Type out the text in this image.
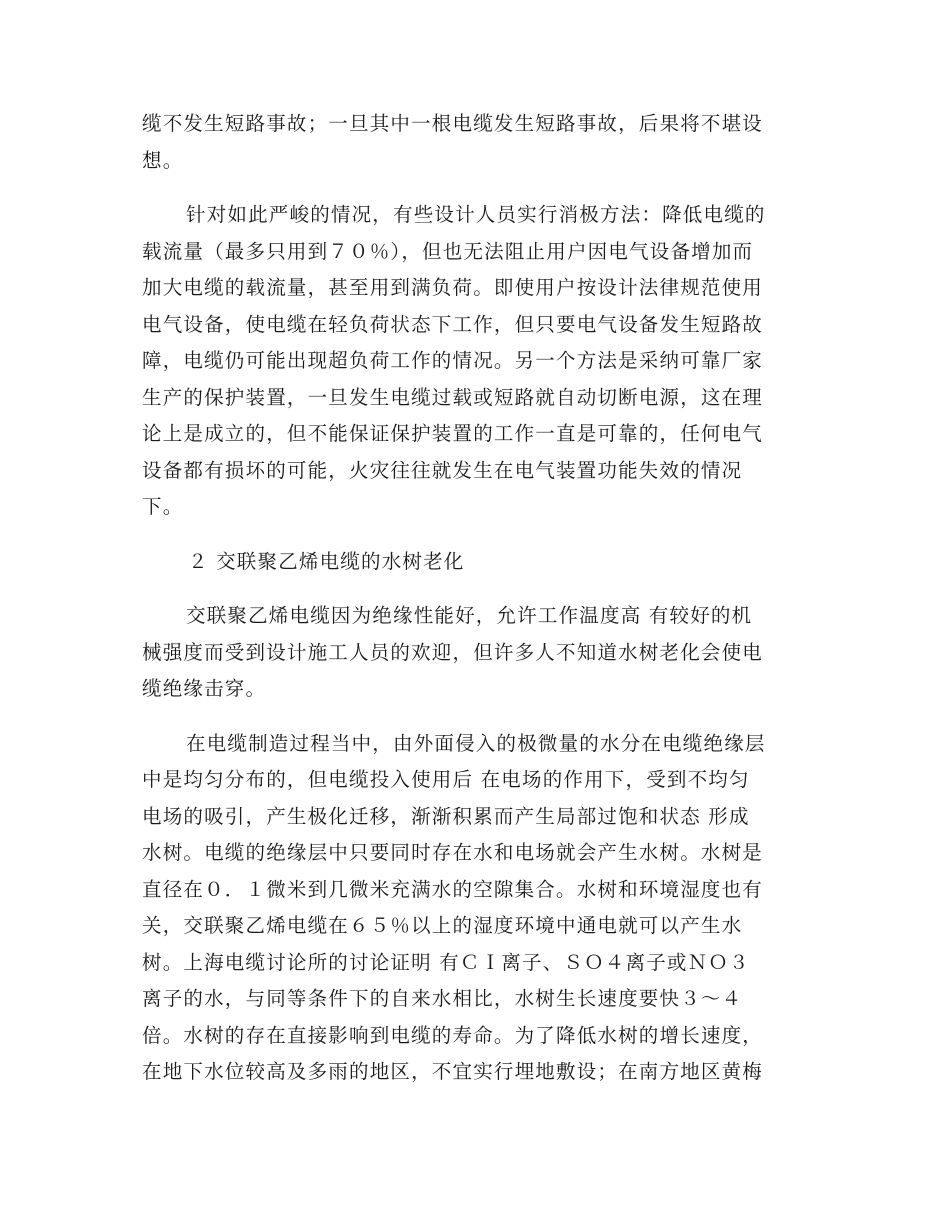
缆不发生短路事故；一旦其中一根电缆发生短路事故，后果将不堪设
想。
针对如此严峻的情况，有些设计人员实行消极方法：降低电缆的
载流量（最多只用到７０％），但也无法阻止用户因电气设备增加而
加大电缆的载流量，甚至用到满负荷。即使用户按设计法律规范使用
电气设备，使电缆在轻负荷状态下工作，但只要电气设备发生短路故
障，电缆仍可能出现超负荷工作的情况。另一个方法是采纳可靠厂家
生产的保护装置，一旦发生电缆过载或短路就自动切断电源，这在理
论上是成立的，但不能保证保护装置的工作一直是可靠的，任何电气
设备都有损坏的可能，火灾往往就发生在电气装置功能失效的情况
下。
２ 交联聚乙烯电缆的水树老化
交联聚乙烯电缆因为绝缘性能好，允许工作温度高 有较好的机
械强度而受到设计施工人员的欢迎，但许多人不知道水树老化会使电
缆绝缘击穿。
在电缆制造过程当中，由外面侵入的极微量的水分在电缆绝缘层
中是均匀分布的，但电缆投入使用后 在电场的作用下，受到不均匀
电场的吸引，产生极化迁移，渐渐积累而产生局部过饱和状态 形成
水树。电缆的绝缘层中只要同时存在水和电场就会产生水树。水树是
直径在０．１微米到几微米充满水的空隙集合。水树和环境湿度也有
关，交联聚乙烯电缆在６５％以上的湿度环境中通电就可以产生水
树。上海电缆讨论所的讨论证明 有ＣＩ离子、ＳＯ４离子或ＮＯ３
离子的水，与同等条件下的自来水相比，水树生长速度要快３～４
倍。水树的存在直接影响到电缆的寿命。为了降低水树的增长速度，
在地下水位较高及多雨的地区，不宜实行埋地敷设；在南方地区黄梅
